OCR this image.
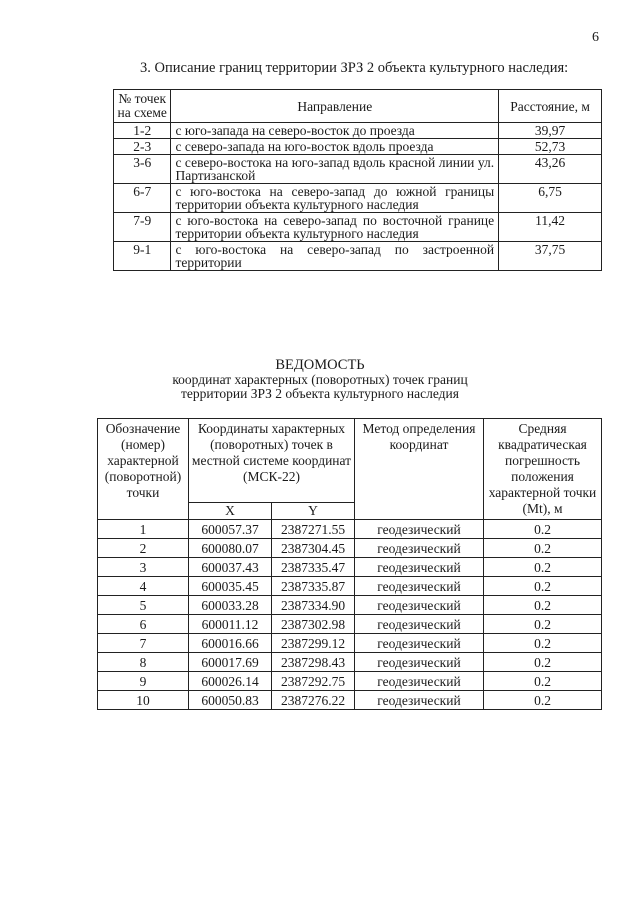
6
3. Описание границ территории ЗРЗ 2 объекта культурного наследия:
№ точек на схеме	Направление	Расстояние, м
1-2	с юго-запада на северо-восток до проезда	39,97
2-3	с северо-запада на юго-восток вдоль проезда	52,73
3-6	с северо-востока на юго-запад вдоль красной линии ул. Партизанской	43,26
6-7	с юго-востока на северо-запад до южной границы территории объекта культурного наследия	6,75
7-9	с юго-востока на северо-запад по восточной границе территории объекта культурного наследия	11,42
9-1	с юго-востока на северо-запад по застроенной территории	37,75
ВЕДОМОСТЬ
координат характерных (поворотных) точек границ
территории ЗРЗ 2 объекта культурного наследия
Обозначение (номер) характерной (поворотной) точки	Координаты характерных (поворотных) точек в местной системе координат (МСК-22)		Метод определения координат	Средняя квадратическая погрешность положения характерной точки (Mt), м
	X	Y		
1	600057.37	2387271.55	геодезический	0.2
2	600080.07	2387304.45	геодезический	0.2
3	600037.43	2387335.47	геодезический	0.2
4	600035.45	2387335.87	геодезический	0.2
5	600033.28	2387334.90	геодезический	0.2
6	600011.12	2387302.98	геодезический	0.2
7	600016.66	2387299.12	геодезический	0.2
8	600017.69	2387298.43	геодезический	0.2
9	600026.14	2387292.75	геодезический	0.2
10	600050.83	2387276.22	геодезический	0.2
